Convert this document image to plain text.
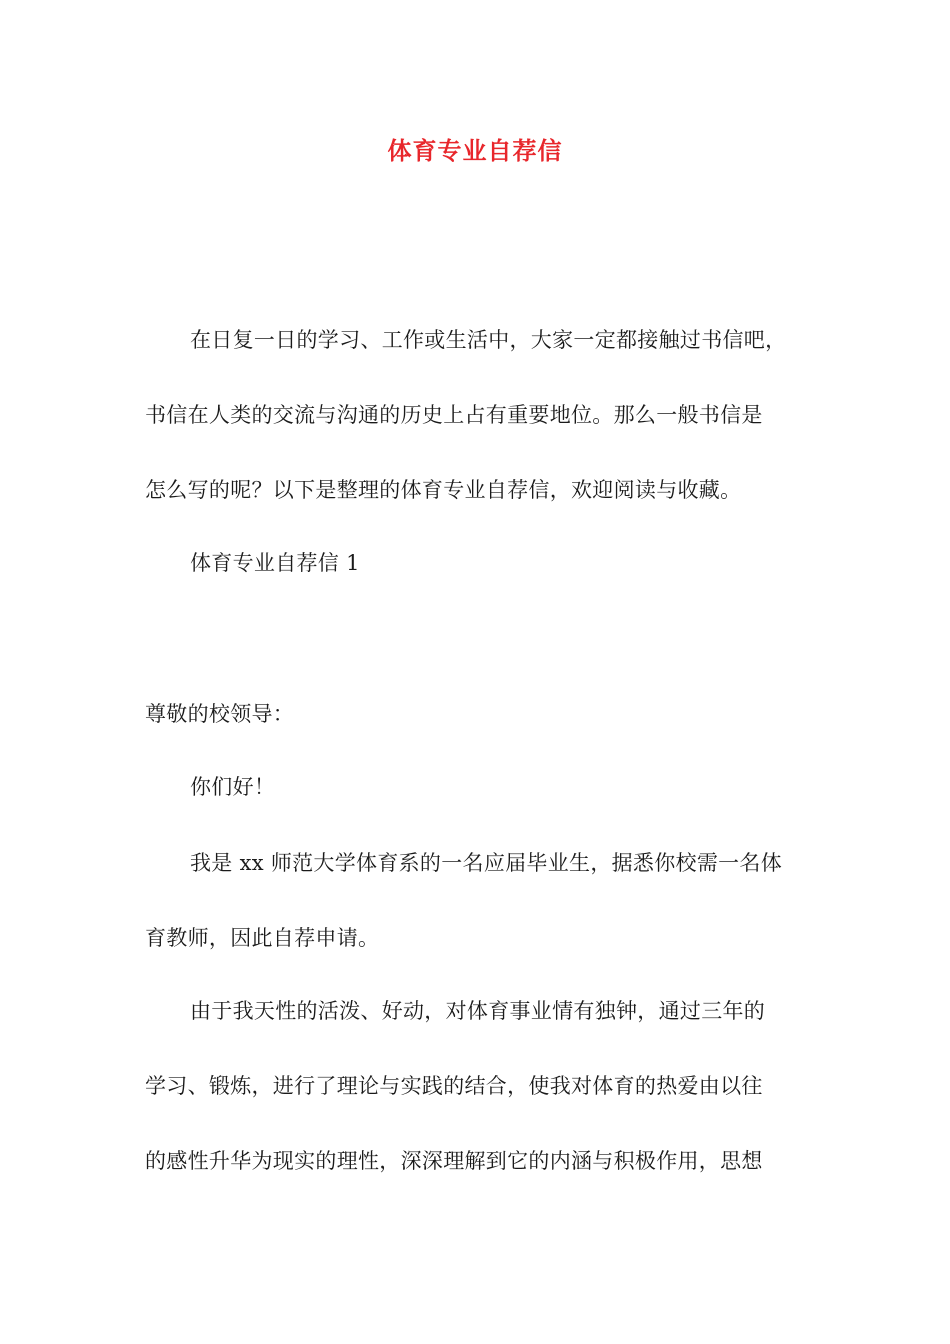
体育专业自荐信
在日复一日的学习、工作或生活中，大家一定都接触过书信吧，
书信在人类的交流与沟通的历史上占有重要地位。那么一般书信是
怎么写的呢？以下是整理的体育专业自荐信，欢迎阅读与收藏。
体育专业自荐信 1
尊敬的校领导：
你们好！
我是 xx 师范大学体育系的一名应届毕业生，据悉你校需一名体
育教师，因此自荐申请。
由于我天性的活泼、好动，对体育事业情有独钟，通过三年的
学习、锻炼，进行了理论与实践的结合，使我对体育的热爱由以往
的感性升华为现实的理性，深深理解到它的内涵与积极作用，思想
